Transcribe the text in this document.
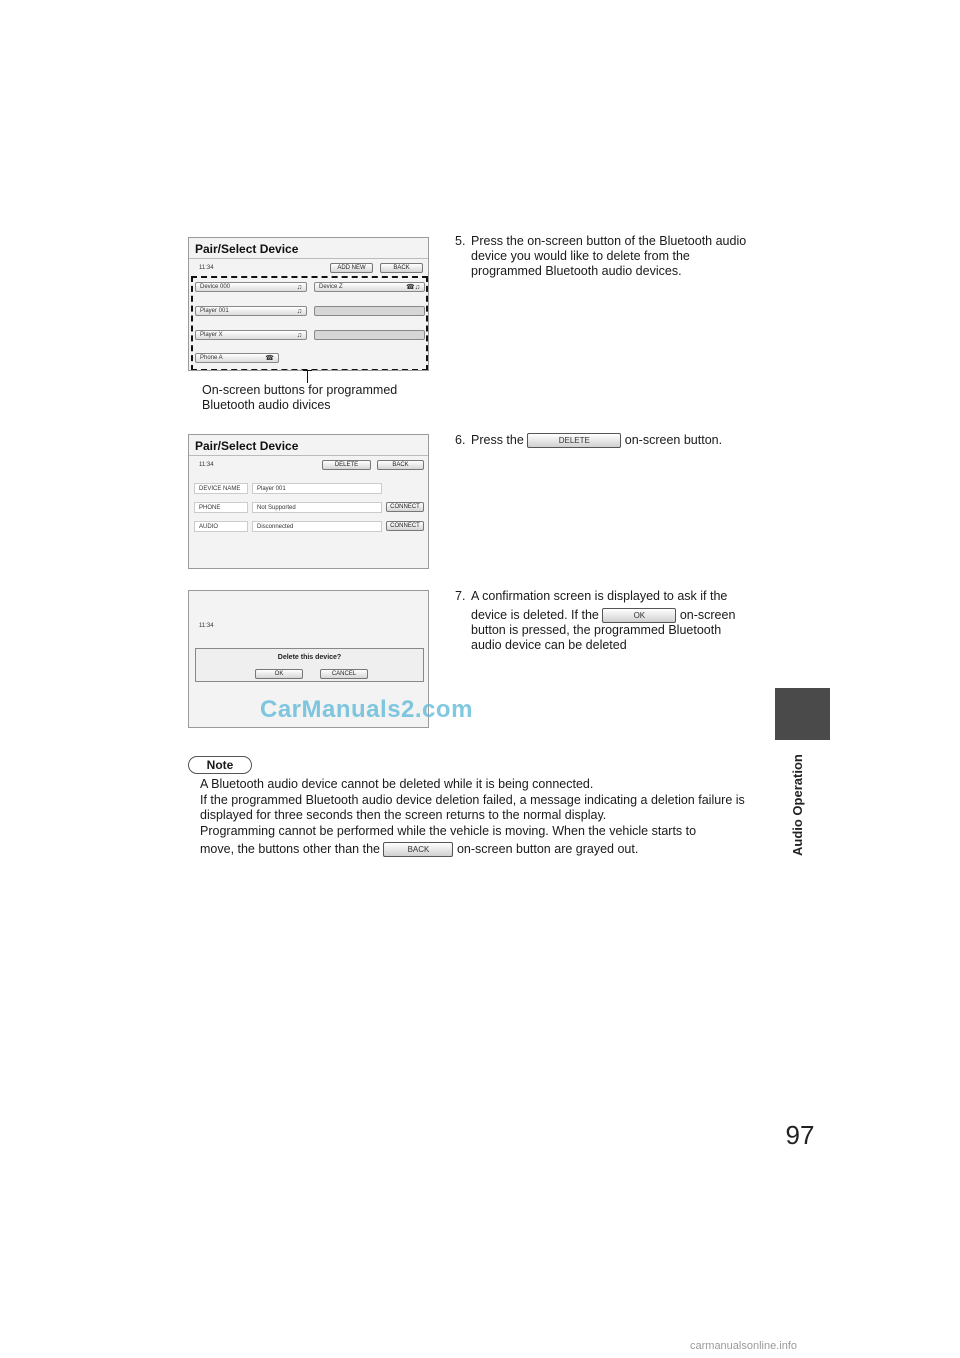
Audio Operation
97
Pair/Select Device
11:34	ADD NEW	BACK
Device 000	♫	Device Z	☎♫
Player 001	♫
Player X	♫
Phone A	☎
On-screen buttons for programmed
Bluetooth audio divices
5. Press the on-screen button of the Bluetooth audio device you would like to delete from the programmed Bluetooth audio devices.
Pair/Select Device
11:34	DELETE	BACK
DEVICE NAME	Player 001
PHONE	Not Supported	CONNECT
AUDIO	Disconnected	CONNECT
6. Press the	DELETE	on-screen button.
11:34
Delete this device?
OK	CANCEL
7. A confirmation screen is displayed to ask if the
device is deleted. If the	OK	on-screen
button is pressed, the programmed Bluetooth audio device can be deleted
CarManuals2.com
Note
A Bluetooth audio device cannot be deleted while it is being connected.
If the programmed Bluetooth audio device deletion failed, a message indicating a deletion failure is displayed for three seconds then the screen returns to the normal display.
Programming cannot be performed while the vehicle is moving. When the vehicle starts to
move, the buttons other than the	BACK on-screen button are grayed out.
carmanualsonline.info
